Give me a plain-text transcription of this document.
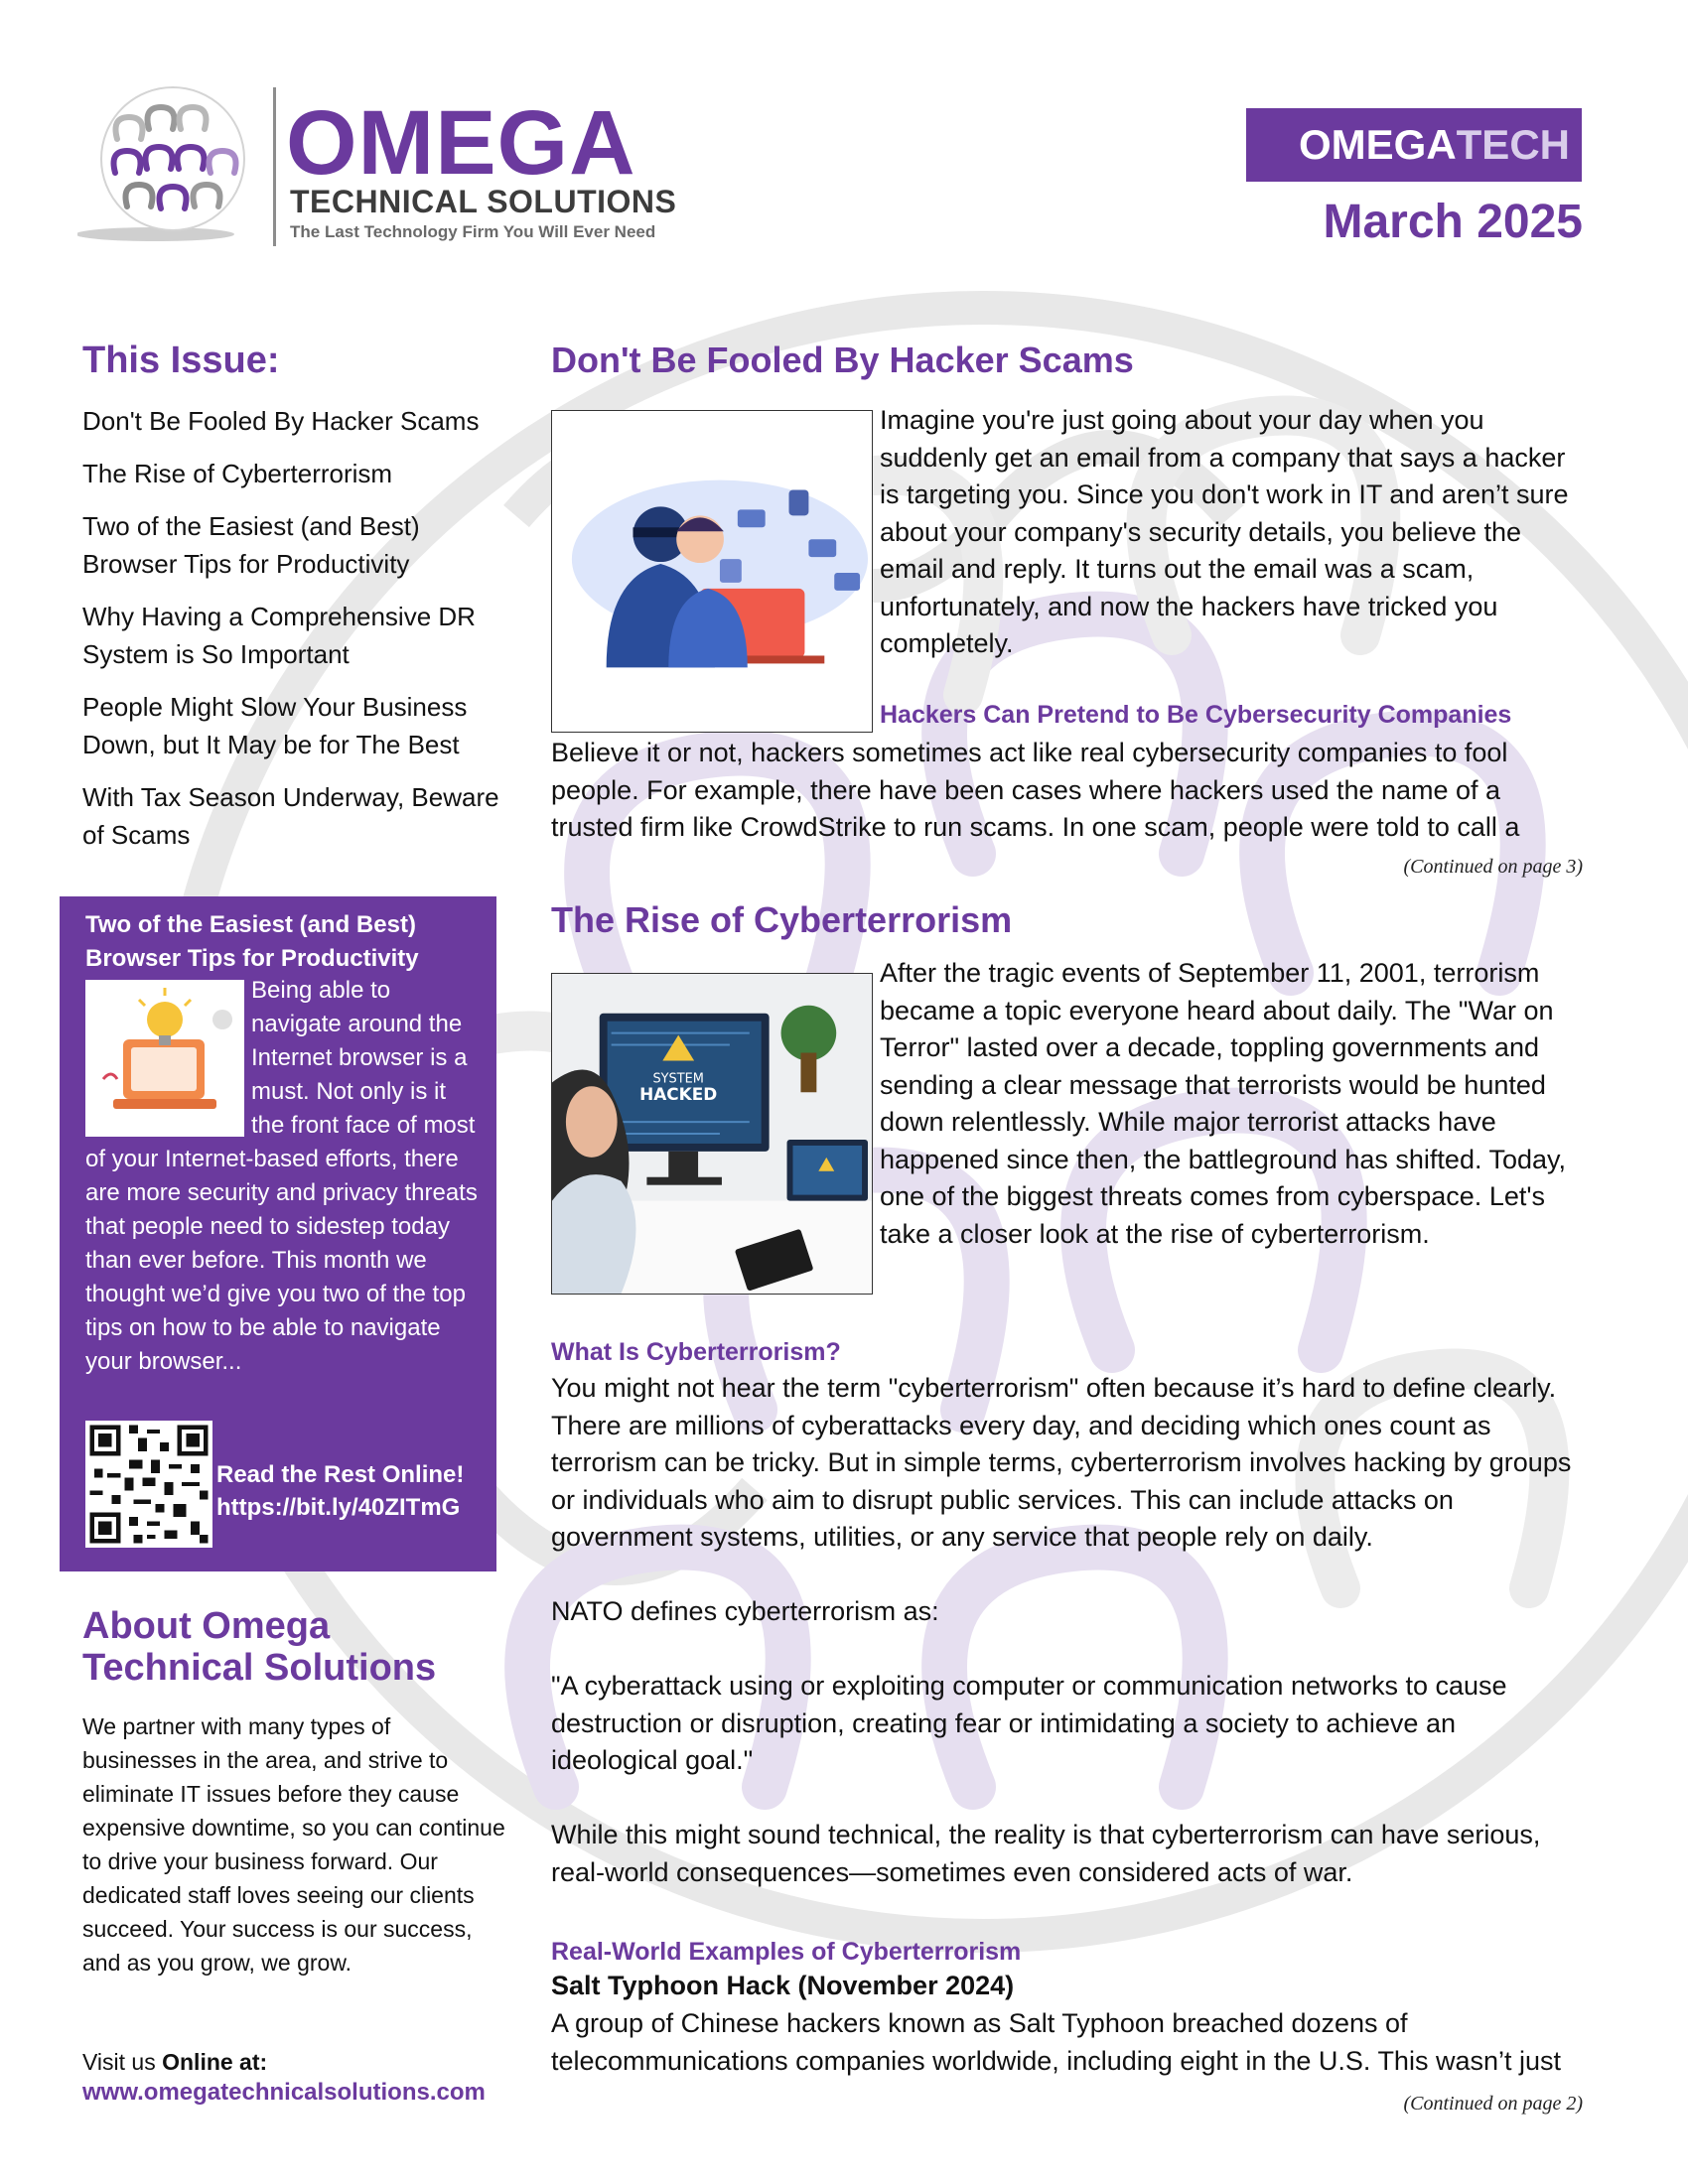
OMEGA
TECHNICAL SOLUTIONS
The Last Technology Firm You Will Ever Need
OMEGA TECH
March 2025
This Issue:
Don't Be Fooled By Hacker Scams
The Rise of Cyberterrorism
Two of the Easiest (and Best) Browser Tips for Productivity
Why Having a Comprehensive DR System is So Important
People Might Slow Your Business Down, but It May be for The Best
With Tax Season Underway, Beware of Scams
Two of the Easiest (and Best) Browser Tips for Productivity
Being able to navigate around the Internet browser is a must. Not only is it the front face of most of your Internet-based efforts, there are more security and privacy threats that people need to sidestep today than ever before. This month we thought we’d give you two of the top tips on how to be able to navigate your browser...
Read the Rest Online!
https://bit.ly/40ZITmG
About Omega Technical Solutions
We partner with many types of businesses in the area, and strive to eliminate IT issues before they cause expensive downtime, so you can continue to drive your business forward. Our dedicated staff loves seeing our clients succeed. Your success is our success, and as you grow, we grow.
Visit us Online at:
www.omegatechnicalsolutions.com
Don't Be Fooled By Hacker Scams
Imagine you're just going about your day when you suddenly get an email from a company that says a hacker is targeting you. Since you don't work in IT and aren’t sure about your company's security details, you believe the email and reply. It turns out the email was a scam, unfortunately, and now the hackers have tricked you completely.
Hackers Can Pretend to Be Cybersecurity Companies
Believe it or not, hackers sometimes act like real cybersecurity companies to fool people. For example, there have been cases where hackers used the name of a trusted firm like CrowdStrike to run scams. In one scam, people were told to call a
(Continued on page 3)
The Rise of Cyberterrorism
SYSTEM
HACKED
After the tragic events of September 11, 2001, terrorism became a topic everyone heard about daily. The "War on Terror" lasted over a decade, toppling governments and sending a clear message that terrorists would be hunted down relentlessly. While major terrorist attacks have happened since then, the battleground has shifted. Today, one of the biggest threats comes from cyberspace. Let's take a closer look at the rise of cyberterrorism.
What Is Cyberterrorism?
You might not hear the term "cyberterrorism" often because it’s hard to define clearly. There are millions of cyberattacks every day, and deciding which ones count as terrorism can be tricky. But in simple terms, cyberterrorism involves hacking by groups or individuals who aim to disrupt public services. This can include attacks on government systems, utilities, or any service that people rely on daily.
NATO defines cyberterrorism as:
"A cyberattack using or exploiting computer or communication networks to cause destruction or disruption, creating fear or intimidating a society to achieve an ideological goal."
While this might sound technical, the reality is that cyberterrorism can have serious, real-world consequences—sometimes even considered acts of war.
Real-World Examples of Cyberterrorism
Salt Typhoon Hack (November 2024)
A group of Chinese hackers known as Salt Typhoon breached dozens of telecommunications companies worldwide, including eight in the U.S. This wasn’t just
(Continued on page 2)
